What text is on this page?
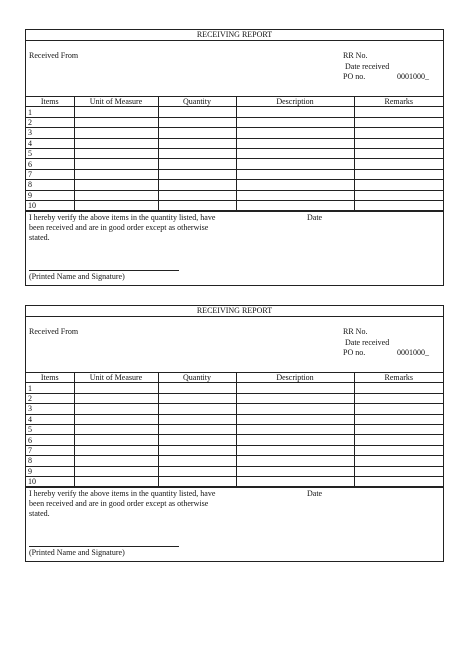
RECEIVING REPORT
Received From	RR No.
Date received
PO no.	0001000_
Items	Unit of Measure	Quantity	Description	Remarks
1				
2				
3				
4				
5				
6				
7				
8				
9				
10				
I hereby verify the above items in the quantity listed, have been received and are in good order except as otherwise stated.
Date
(Printed Name and Signature)
RECEIVING REPORT
Received From	RR No.
Date received
PO no.	0001000_
Items	Unit of Measure	Quantity	Description	Remarks
1				
2				
3				
4				
5				
6				
7				
8				
9				
10				
I hereby verify the above items in the quantity listed, have been received and are in good order except as otherwise stated.
Date
(Printed Name and Signature)
